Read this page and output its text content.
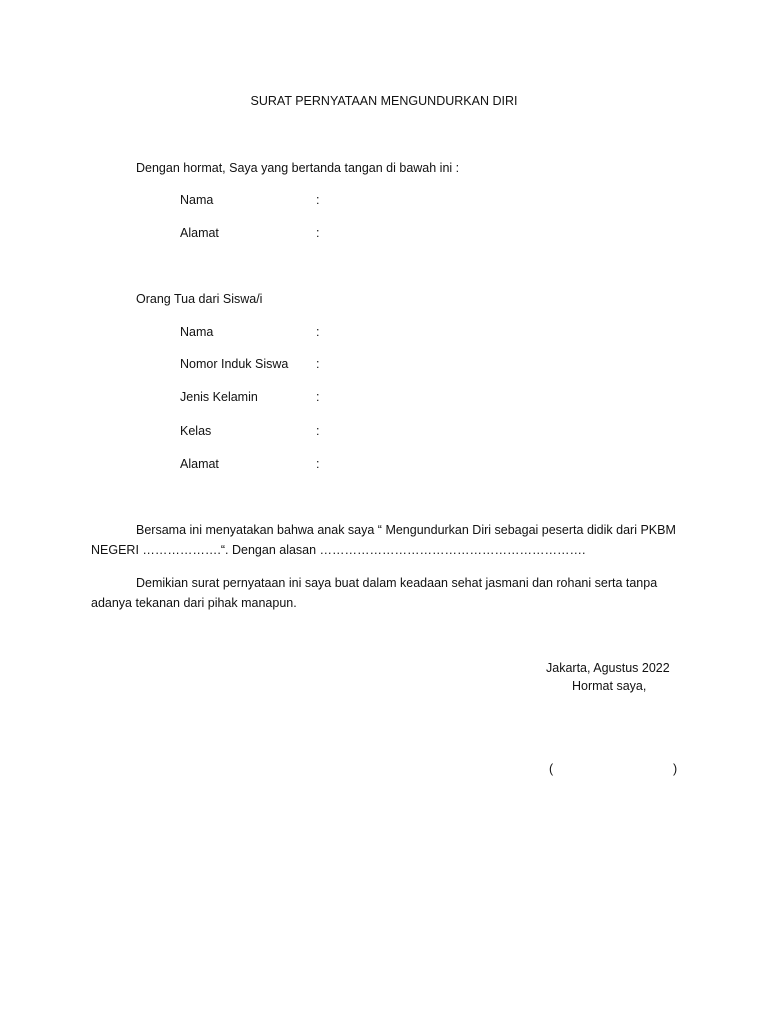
SURAT PERNYATAAN MENGUNDURKAN DIRI
Dengan hormat, Saya yang bertanda tangan di bawah ini :
Nama	:
Alamat	:
Orang Tua dari Siswa/i
Nama	:
Nomor Induk Siswa :
Jenis Kelamin	:
Kelas	:
Alamat	:
Bersama ini menyatakan bahwa anak saya “ Mengundurkan Diri sebagai peserta didik dari PKBM
NEGERI ……………….“. Dengan alasan ……………………………………………………….
Demikian surat pernyataan ini saya buat dalam keadaan sehat jasmani dan rohani serta tanpa
adanya tekanan dari pihak manapun.
Jakarta, Agustus 2022
Hormat saya,
(	)
